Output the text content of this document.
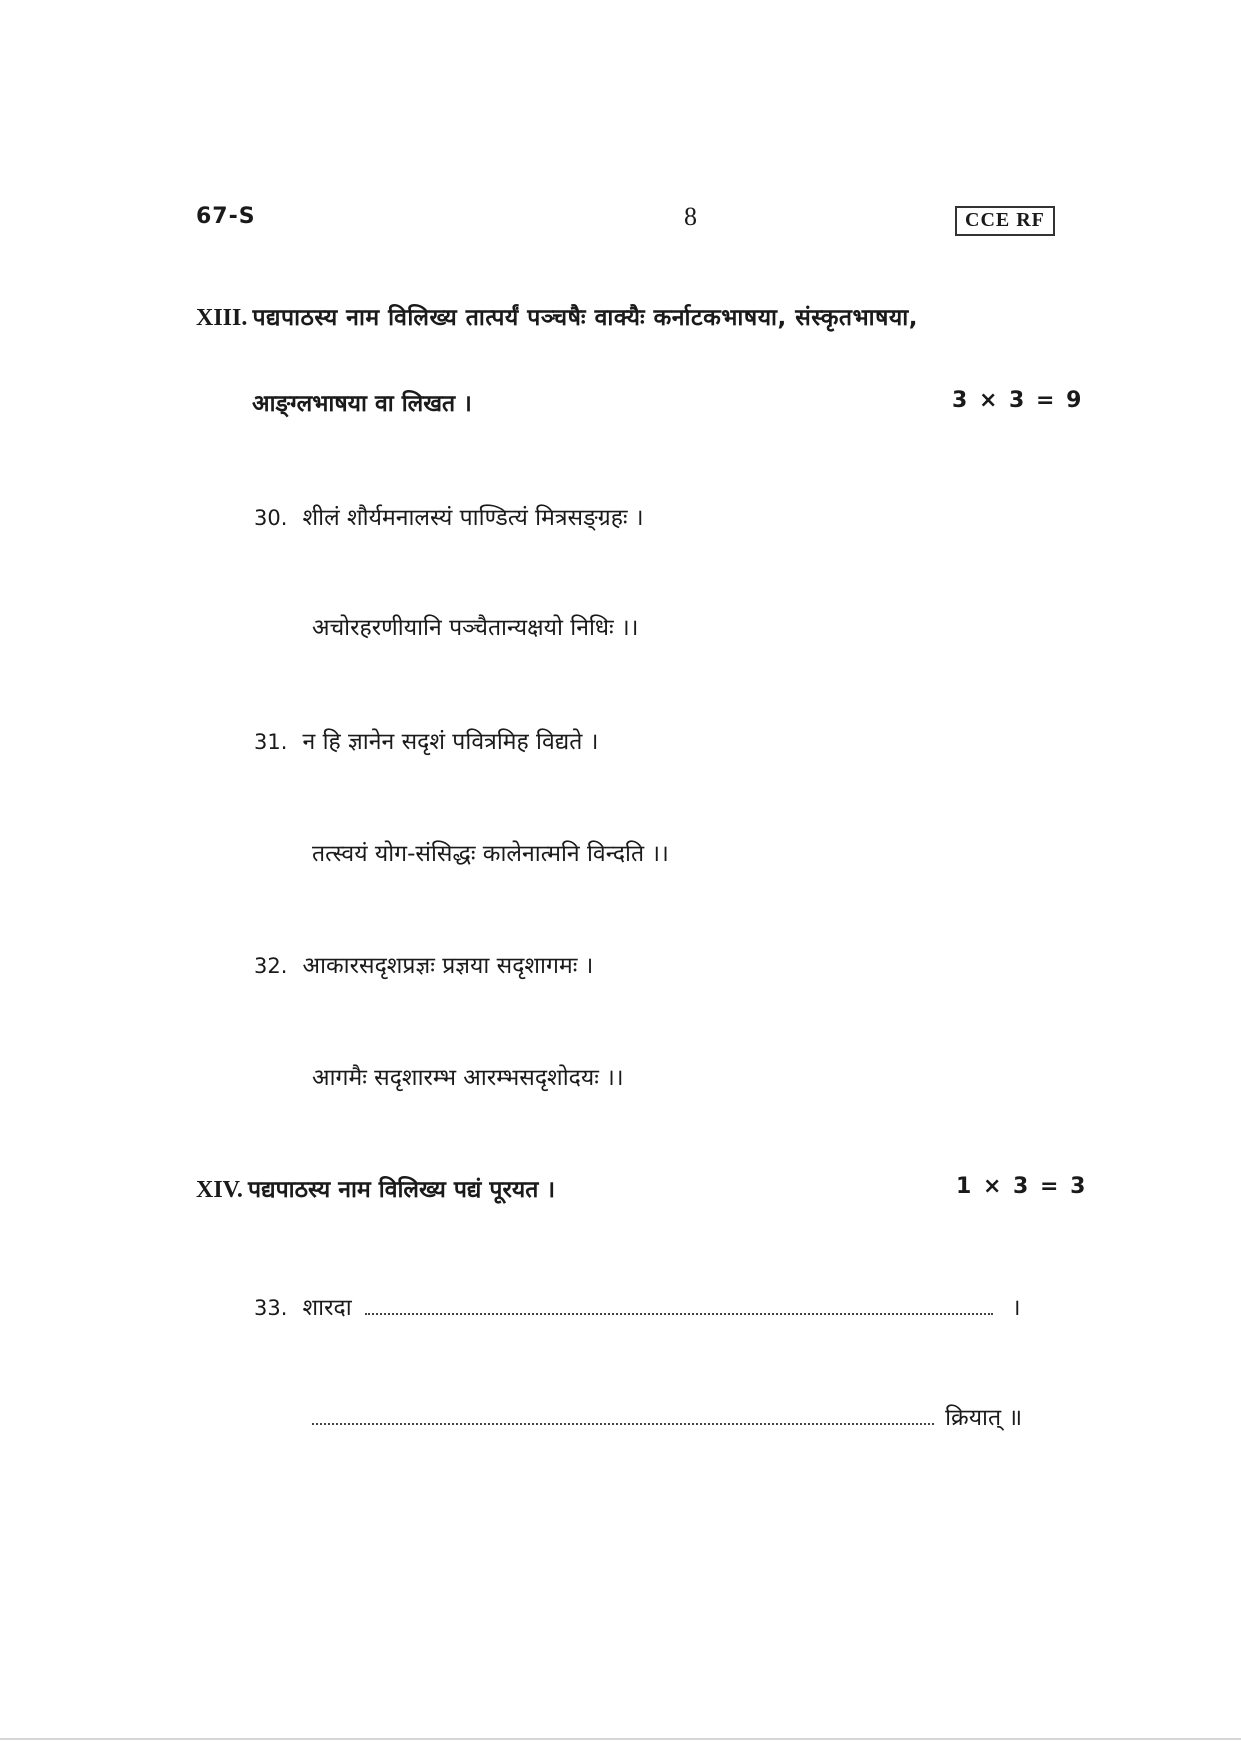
67-S	8	CCE RF
XIII. पद्यपाठस्य नाम विलिख्य तात्पर्यं पञ्चषैः वाक्यैः कर्नाटकभाषया, संस्कृतभाषया,
आङ्ग्लभाषया वा लिखत ।	3 × 3 = 9
30. शीलं शौर्यमनालस्यं पाण्डित्यं मित्रसङ्ग्रहः ।
अचोरहरणीयानि पञ्चैतान्यक्षयो निधिः ।।
31. न हि ज्ञानेन सदृशं पवित्रमिह विद्यते ।
तत्स्वयं योग-संसिद्धः कालेनात्मनि विन्दति ।।
32. आकारसदृशप्रज्ञः प्रज्ञया सदृशागमः ।
आगमैः सदृशारम्भ आरम्भसदृशोदयः ।।
XIV. पद्यपाठस्य नाम विलिख्य पद्यं पूरयत ।	1 × 3 = 3
33. शारदा	।
क्रियात् ॥
